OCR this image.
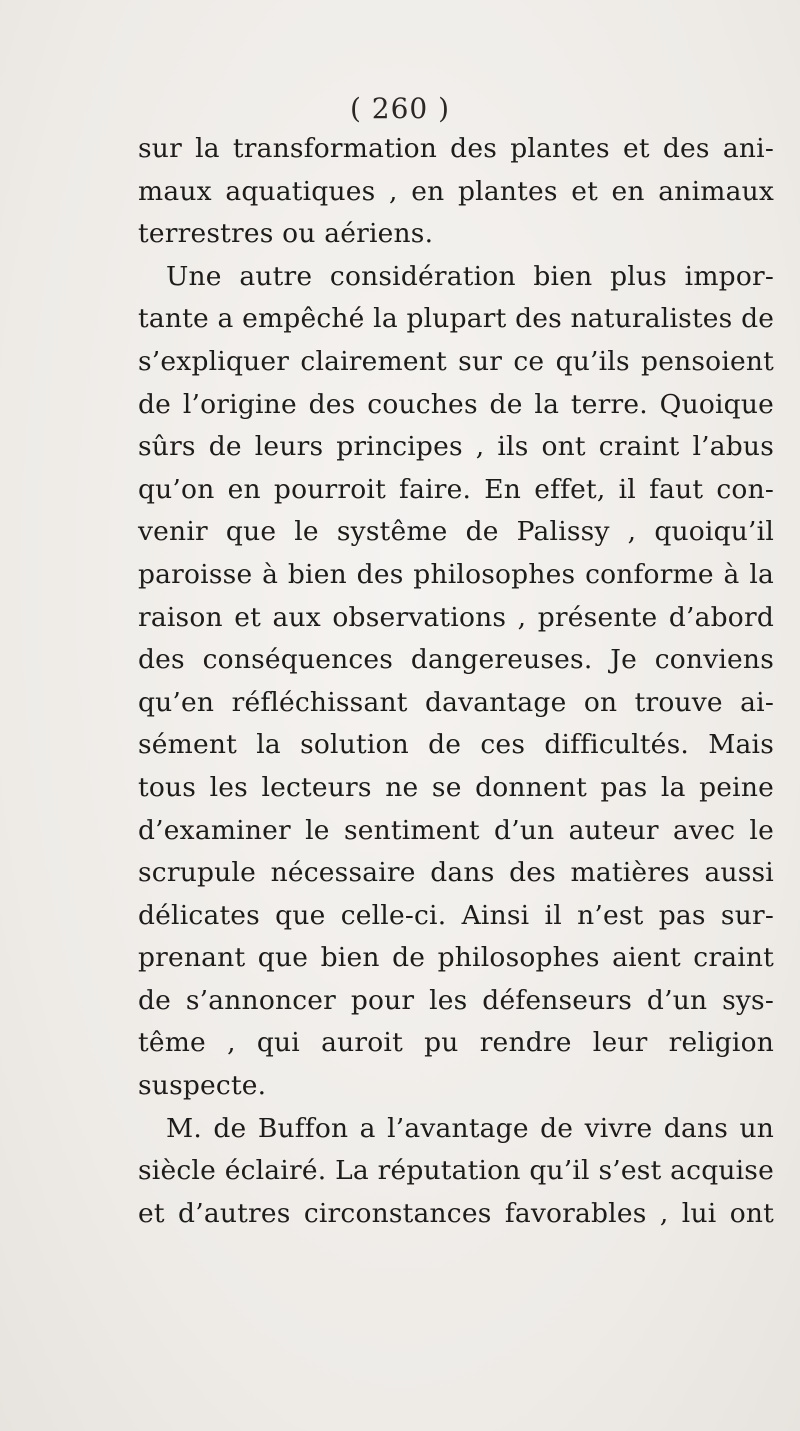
( 260 )
sur la transformation des plantes et des ani-
maux aquatiques , en plantes et en animaux
terrestres ou aériens.
Une autre considération bien plus impor-
tante a empêché la plupart des naturalistes de
s’expliquer clairement sur ce qu’ils pensoient
de l’origine des couches de la terre. Quoique
sûrs de leurs principes , ils ont craint l’abus
qu’on en pourroit faire. En effet, il faut con-
venir que le systême de Palissy , quoiqu’il
paroisse à bien des philosophes conforme à la
raison et aux observations , présente d’abord
des conséquences dangereuses. Je conviens
qu’en réfléchissant davantage on trouve ai-
sément la solution de ces difficultés. Mais
tous les lecteurs ne se donnent pas la peine
d’examiner le sentiment d’un auteur avec le
scrupule nécessaire dans des matières aussi
délicates que celle-ci. Ainsi il n’est pas sur-
prenant que bien de philosophes aient craint
de s’annoncer pour les défenseurs d’un sys-
tême , qui auroit pu rendre leur religion
suspecte.
M. de Buffon a l’avantage de vivre dans un
siècle éclairé. La réputation qu’il s’est acquise
et d’autres circonstances favorables , lui ont
